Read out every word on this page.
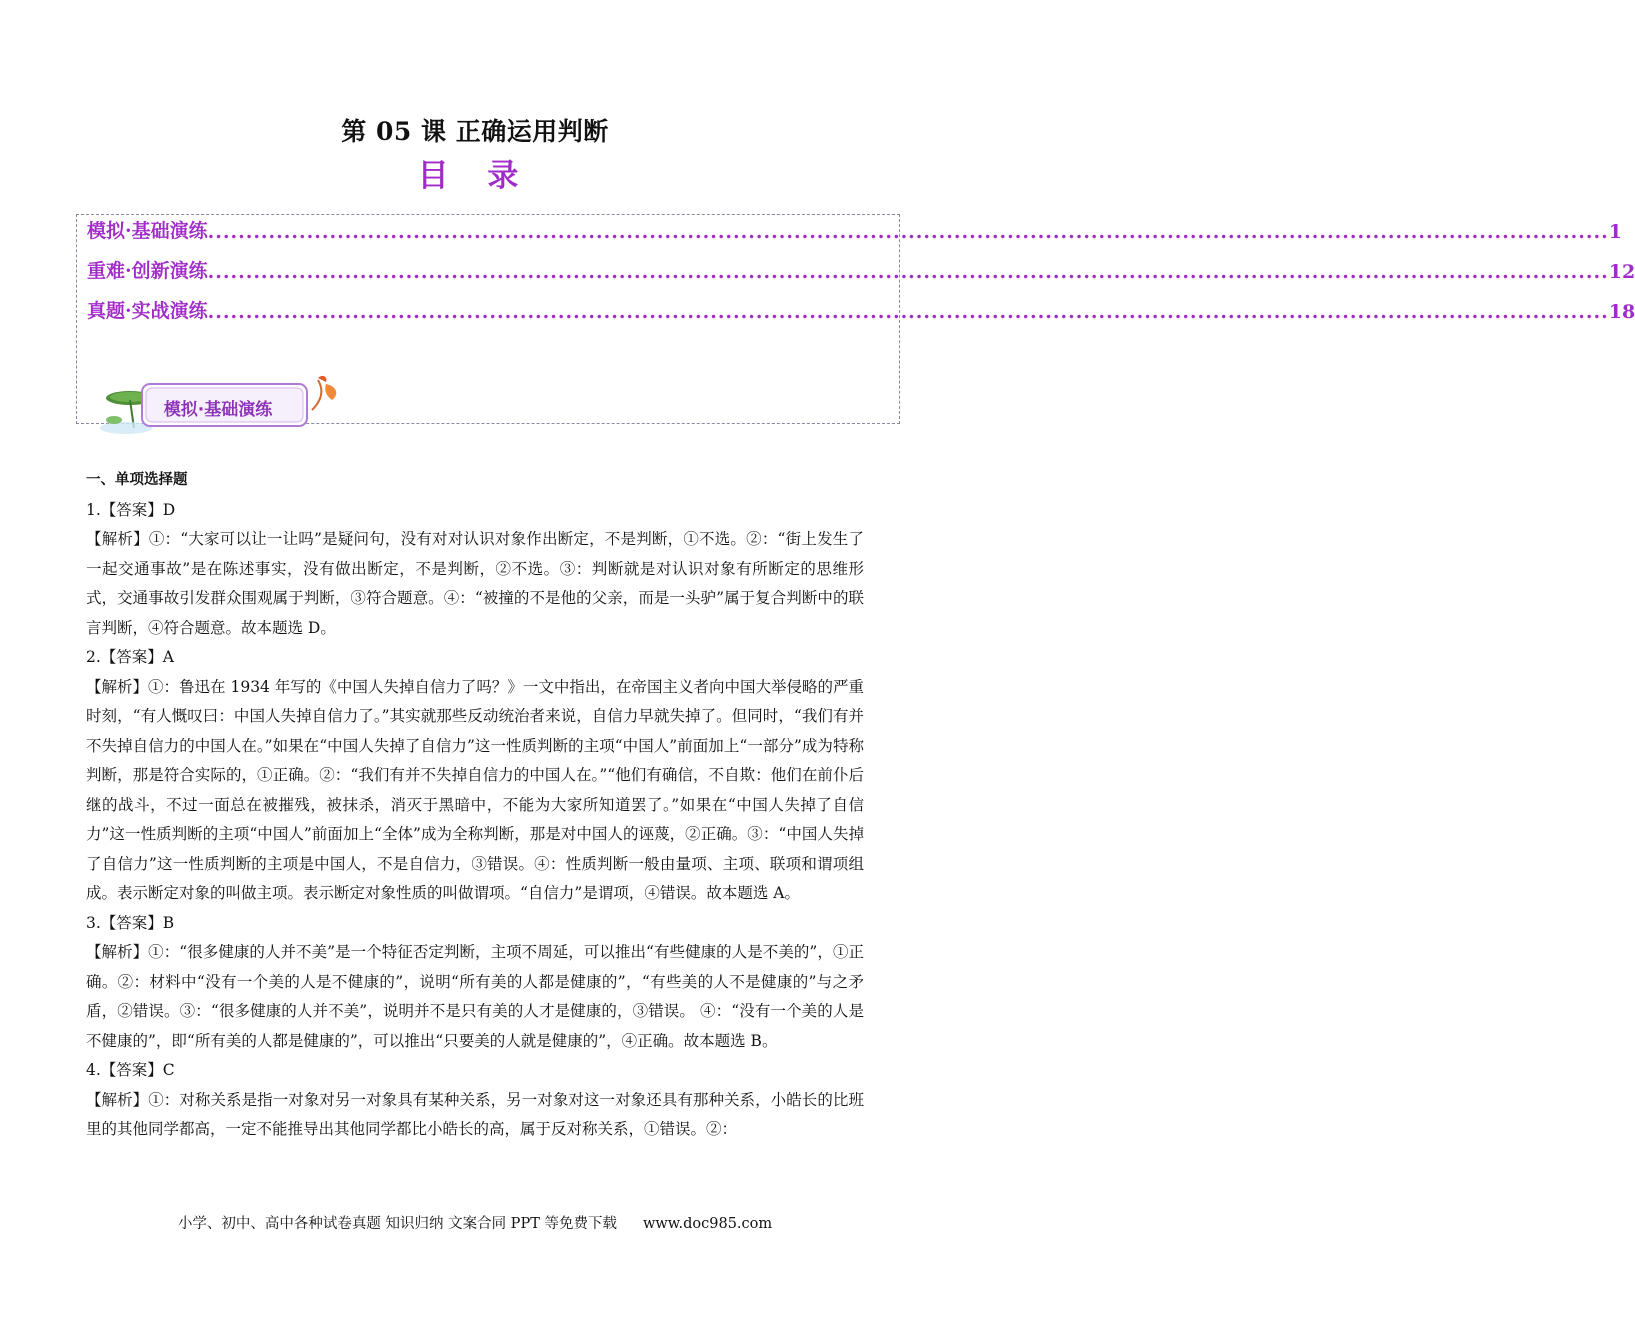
第 05 课 正确运用判断
目 录
模拟·基础演练 ........................................................................................................................................................................................ 1
重难·创新演练 ........................................................................................................................................................................................ 12
真题·实战演练 ........................................................................................................................................................................................ 18
模拟·基础演练
一、单项选择题
1.【答案】D
【解析】①：“大家可以让一让吗”是疑问句，没有对对认识对象作出断定，不是判断，①不选。②：“街上发生了一起交通事故”是在陈述事实，没有做出断定，不是判断，②不选。③：判断就是对认识对象有所断定的思维形式，交通事故引发群众围观属于判断，③符合题意。④：“被撞的不是他的父亲，而是一头驴”属于复合判断中的联言判断，④符合题意。故本题选 D。
2.【答案】A
【解析】①：鲁迅在 1934 年写的《中国人失掉自信力了吗？》一文中指出，在帝国主义者向中国大举侵略的严重时刻，“有人慨叹曰：中国人失掉自信力了。”其实就那些反动统治者来说，自信力早就失掉了。但同时，“我们有并不失掉自信力的中国人在。”如果在“中国人失掉了自信力”这一性质判断的主项“中国人”前面加上“一部分”成为特称判断，那是符合实际的，①正确。②：“我们有并不失掉自信力的中国人在。”“他们有确信，不自欺：他们在前仆后继的战斗，不过一面总在被摧残，被抹杀，消灭于黑暗中，不能为大家所知道罢了。”如果在“中国人失掉了自信力”这一性质判断的主项“中国人”前面加上“全体”成为全称判断，那是对中国人的诬蔑，②正确。③：“中国人失掉了自信力”这一性质判断的主项是中国人，不是自信力，③错误。④：性质判断一般由量项、主项、联项和谓项组成。表示断定对象的叫做主项。表示断定对象性质的叫做谓项。“自信力”是谓项，④错误。故本题选 A。
3.【答案】B
【解析】①：“很多健康的人并不美”是一个特征否定判断，主项不周延，可以推出“有些健康的人是不美的”，①正确。②：材料中“没有一个美的人是不健康的”，说明“所有美的人都是健康的”，“有些美的人不是健康的”与之矛盾，②错误。③：“很多健康的人并不美”，说明并不是只有美的人才是健康的，③错误。 ④：“没有一个美的人是不健康的”，即“所有美的人都是健康的”，可以推出“只要美的人就是健康的”，④正确。故本题选 B。
4.【答案】C
【解析】①：对称关系是指一对象对另一对象具有某种关系，另一对象对这一对象还具有那种关系，小皓长的比班里的其他同学都高，一定不能推导出其他同学都比小皓长的高，属于反对称关系，①错误。②：
小学、初中、高中各种试卷真题 知识归纳 文案合同 PPT 等免费下载 www.doc985.com
